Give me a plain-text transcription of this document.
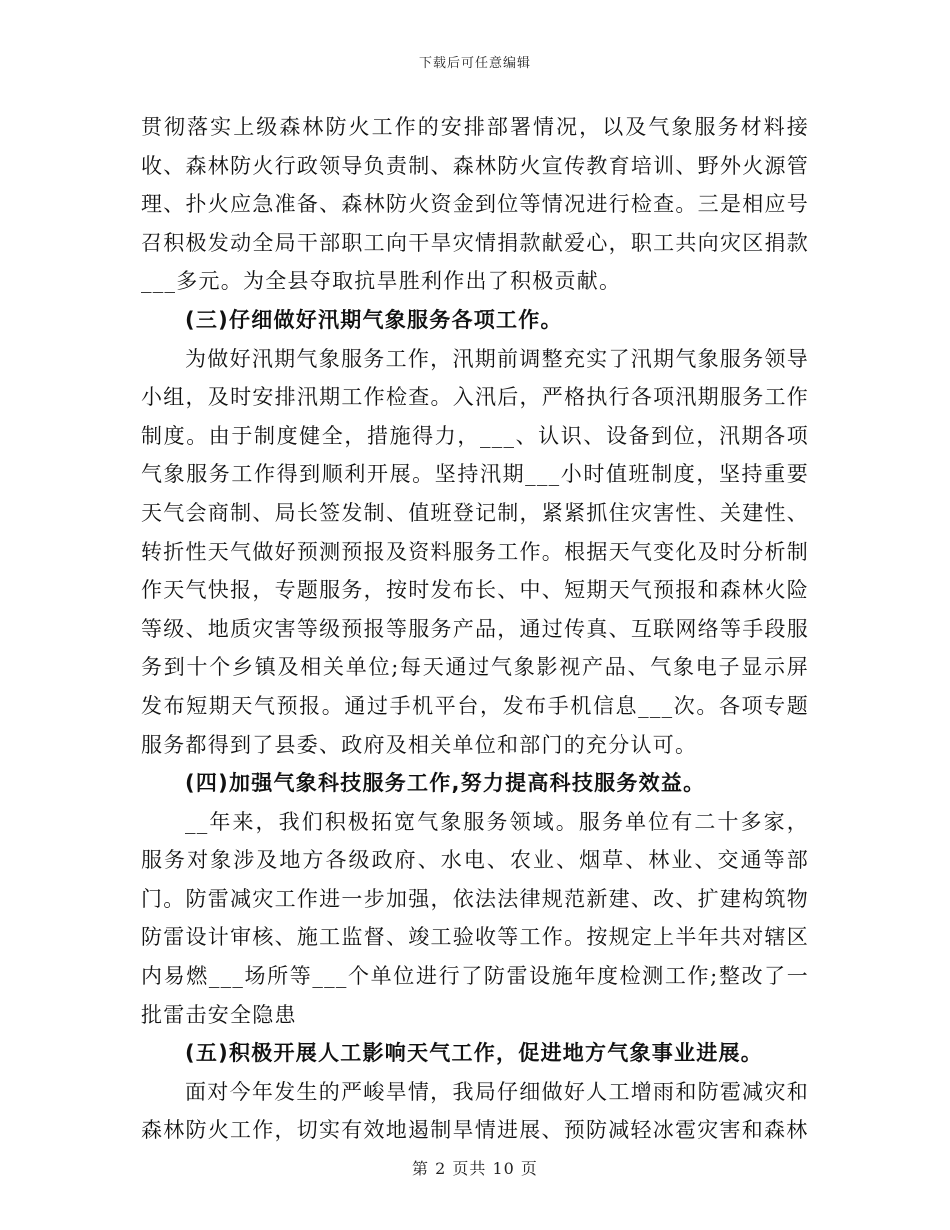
下载后可任意编辑

贯彻落实上级森林防火工作的安排部署情况，以及气象服务材料接收、森林防火行政领导负责制、森林防火宣传教育培训、野外火源管理、扑火应急准备、森林防火资金到位等情况进行检查。三是相应号召积极发动全局干部职工向干旱灾情捐款献爱心，职工共向灾区捐款___多元。为全县夺取抗旱胜利作出了积极贡献。

(三)仔细做好汛期气象服务各项工作。

为做好汛期气象服务工作，汛期前调整充实了汛期气象服务领导小组，及时安排汛期工作检查。入汛后，严格执行各项汛期服务工作制度。由于制度健全，措施得力，___、认识、设备到位，汛期各项气象服务工作得到顺利开展。坚持汛期___小时值班制度，坚持重要天气会商制、局长签发制、值班登记制，紧紧抓住灾害性、关建性、转折性天气做好预测预报及资料服务工作。根据天气变化及时分析制作天气快报，专题服务，按时发布长、中、短期天气预报和森林火险等级、地质灾害等级预报等服务产品，通过传真、互联网络等手段服务到十个乡镇及相关单位;每天通过气象影视产品、气象电子显示屏发布短期天气预报。通过手机平台，发布手机信息___次。各项专题服务都得到了县委、政府及相关单位和部门的充分认可。

(四)加强气象科技服务工作,努力提高科技服务效益。

__年来，我们积极拓宽气象服务领域。服务单位有二十多家，服务对象涉及地方各级政府、水电、农业、烟草、林业、交通等部门。防雷减灾工作进一步加强，依法法律规范新建、改、扩建构筑物防雷设计审核、施工监督、竣工验收等工作。按规定上半年共对辖区内易燃___场所等___个单位进行了防雷设施年度检测工作;整改了一批雷击安全隐患

(五)积极开展人工影响天气工作，促进地方气象事业进展。

面对今年发生的严峻旱情，我局仔细做好人工增雨和防雹减灾和森林防火工作，切实有效地遏制旱情进展、预防减轻冰雹灾害和森林

第 2 页共 10 页
